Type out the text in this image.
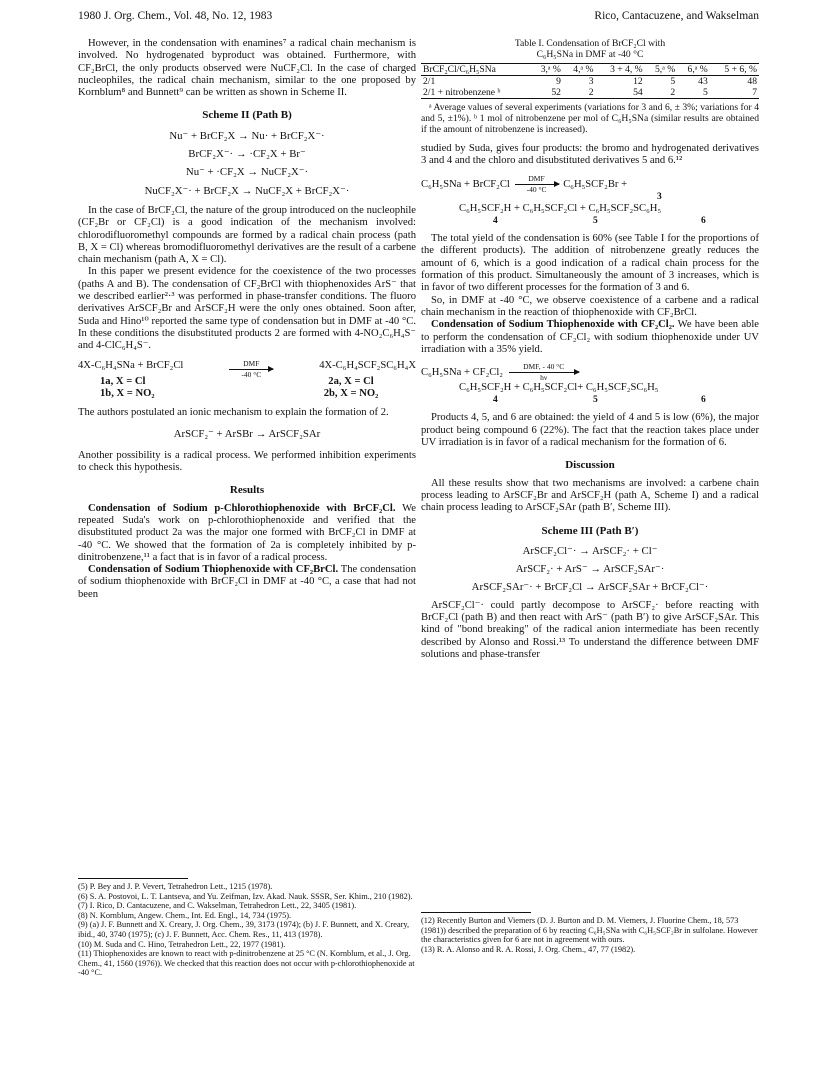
1980 J. Org. Chem., Vol. 48, No. 12, 1983	Rico, Cantacuzene, and Wakselman

However, in the condensation with enamines⁷ a radical chain mechanism is involved. No hydrogenated byproduct was obtained. Furthermore, with CF₂BrCl, the only products observed were NuCF₂Cl. In the case of charged nucleophiles, the radical chain mechanism, similar to the one proposed by Kornblum⁸ and Bunnett⁹ can be written as shown in Scheme II.

Scheme II (Path B)
Nu⁻ + BrCF₂X → Nu· + BrCF₂X⁻·
BrCF₂X⁻· → ·CF₂X + Br⁻
Nu⁻ + ·CF₂X → NuCF₂X⁻·
NuCF₂X⁻· + BrCF₂X → NuCF₂X + BrCF₂X⁻·

In the case of BrCF₂Cl, the nature of the group introduced on the nucleophile (CF₂Br or CF₂Cl) is a good indication of the mechanism involved: chlorodifluoromethyl compounds are formed by a radical chain process (path B, X = Cl) whereas bromodifluoromethyl derivatives are the result of a carbene chain mechanism (path A, X = Cl).

In this paper we present evidence for the coexistence of the two processes (paths A and B). The condensation of CF₂BrCl with thiophenoxides ArS⁻ that we described earlier²·³ was performed in phase-transfer conditions. The fluoro derivatives ArSCF₂Br and ArSCF₂H were the only ones obtained. Soon after, Suda and Hino¹⁰ reported the same type of condensation but in DMF at -40 °C. In these conditions the disubstituted products 2 are formed with 4-NO₂C₆H₄S⁻ and 4-ClC₆H₄S⁻.

4X-C₆H₄SNa + BrCF₂Cl	DMF
-40 °C
4X-C₆H₄SCF₂SC₆H₄X
1a, X = Cl	2a, X = Cl
1b, X = NO₂	2b, X = NO₂

The authors postulated an ionic mechanism to explain the formation of 2.

ArSCF₂⁻ + ArSBr → ArSCF₂SAr

Another possibility is a radical process. We performed inhibition experiments to check this hypothesis.

Results

Condensation of Sodium p-Chlorothiophenoxide with BrCF₂Cl. We repeated Suda's work on p-chlorothiophenoxide and verified that the disubstituted product 2a was the major one formed with BrCF₂Cl in DMF at -40 °C. We showed that the formation of 2a is completely inhibited by p-dinitrobenzene,¹¹ a fact that is in favor of a radical process.

Condensation of Sodium Thiophenoxide with CF₂BrCl. The condensation of sodium thiophenoxide with BrCF₂Cl in DMF at -40 °C, a case that had not been

(5) P. Bey and J. P. Vevert, Tetrahedron Lett., 1215 (1978).
(6) S. A. Postovoi, L. T. Lantseva, and Yu. Zeifman, Izv. Akad. Nauk. SSSR, Ser. Khim., 210 (1982).
(7) I. Rico, D. Cantacuzene, and C. Wakselman, Tetrahedron Lett., 22, 3405 (1981).
(8) N. Kornblum, Angew. Chem., Int. Ed. Engl., 14, 734 (1975).
(9) (a) J. F. Bunnett and X. Creary, J. Org. Chem., 39, 3173 (1974); (b) J. F. Bunnett, and X. Creary, ibid., 40, 3740 (1975); (c) J. F. Bunnett, Acc. Chem. Res., 11, 413 (1978).
(10) M. Suda and C. Hino, Tetrahedron Lett., 22, 1977 (1981).
(11) Thiophenoxides are known to react with p-dinitrobenzene at 25 °C (N. Kornblum, et al., J. Org. Chem., 41, 1560 (1976)). We checked that this reaction does not occur with p-chlorothiophenoxide at -40 °C.
Table I. Condensation of BrCF₂Cl with
C₆H₅SNa in DMF at -40 °C
BrCF₂Cl/C₆H₅SNa	3,ᵃ %	4,ᵃ %	3 + 4, %	5,ᵃ %	6,ᵃ %	5 + 6, %
2/1	9	3	12	5	43	48
2/1 + nitrobenzene ᵇ	52	2	54	2	5	7

ᵃ Average values of several experiments (variations for 3 and 6, ± 3%; variations for 4 and 5, ±1%). ᵇ 1 mol of nitrobenzene per mol of C₆H₅SNa (similar results are obtained if the amount of nitrobenzene is increased).

studied by Suda, gives four products: the bromo and hydrogenated derivatives 3 and 4 and the chloro and disubstituted derivatives 5 and 6.¹²

C₆H₅SNa + BrCF₂Cl DMF
-40 °C C₆H₅SCF₂Br +
3
C₆H₅SCF₂H + C₆H₅SCF₂Cl + C₆H₅SCF₂SC₆H₅
4	5	6

The total yield of the condensation is 60% (see Table I for the proportions of the different products). The addition of nitrobenzene greatly reduces the amount of 6, which is a good indication of a radical chain process for the formation of this product. Simultaneously the amount of 3 increases, which is in favor of two different processes for the formation of 3 and 6.

So, in DMF at -40 °C, we observe coexistence of a carbene and a radical chain mechanism in the reaction of thiophenoxide with CF₂BrCl.

Condensation of Sodium Thiophenoxide with CF₂Cl₂. We have been able to perform the condensation of CF₂Cl₂ with sodium thiophenoxide under UV irradiation with a 35% yield.

C₆H₅SNa + CF₂Cl₂ DMF, - 40 °C
hν
C₆H₅SCF₂H + C₆H₅SCF₂Cl+ C₆H₅SCF₂SC₆H₅
4	5	6

Products 4, 5, and 6 are obtained: the yield of 4 and 5 is low (6%), the major product being compound 6 (22%). The fact that the reaction takes place under UV irradiation is in favor of a radical mechanism for the formation of 6.

Discussion

All these results show that two mechanisms are involved: a carbene chain process leading to ArSCF₂Br and ArSCF₂H (path A, Scheme I) and a radical chain process leading to ArSCF₂SAr (path B′, Scheme III).

Scheme III (Path B′)
ArSCF₂Cl⁻· → ArSCF₂· + Cl⁻
ArSCF₂· + ArS⁻ → ArSCF₂SAr⁻·
ArSCF₂SAr⁻· + BrCF₂Cl → ArSCF₂SAr + BrCF₂Cl⁻·

ArSCF₂Cl⁻· could partly decompose to ArSCF₂· before reacting with BrCF₂Cl (path B) and then react with ArS⁻ (path B′) to give ArSCF₂SAr. This kind of "bond breaking" of the radical anion intermediate has been recently described by Alonso and Rossi.¹³ To understand the difference between DMF solutions and phase-transfer

(12) Recently Burton and Viemers (D. J. Burton and D. M. Viemers, J. Fluorine Chem., 18, 573 (1981)) described the preparation of 6 by reacting C₆H₅SNa with C₆H₅SCF₂Br in sulfolane. However the characteristics given for 6 are not in agreement with ours.
(13) R. A. Alonso and R. A. Rossi, J. Org. Chem., 47, 77 (1982).
